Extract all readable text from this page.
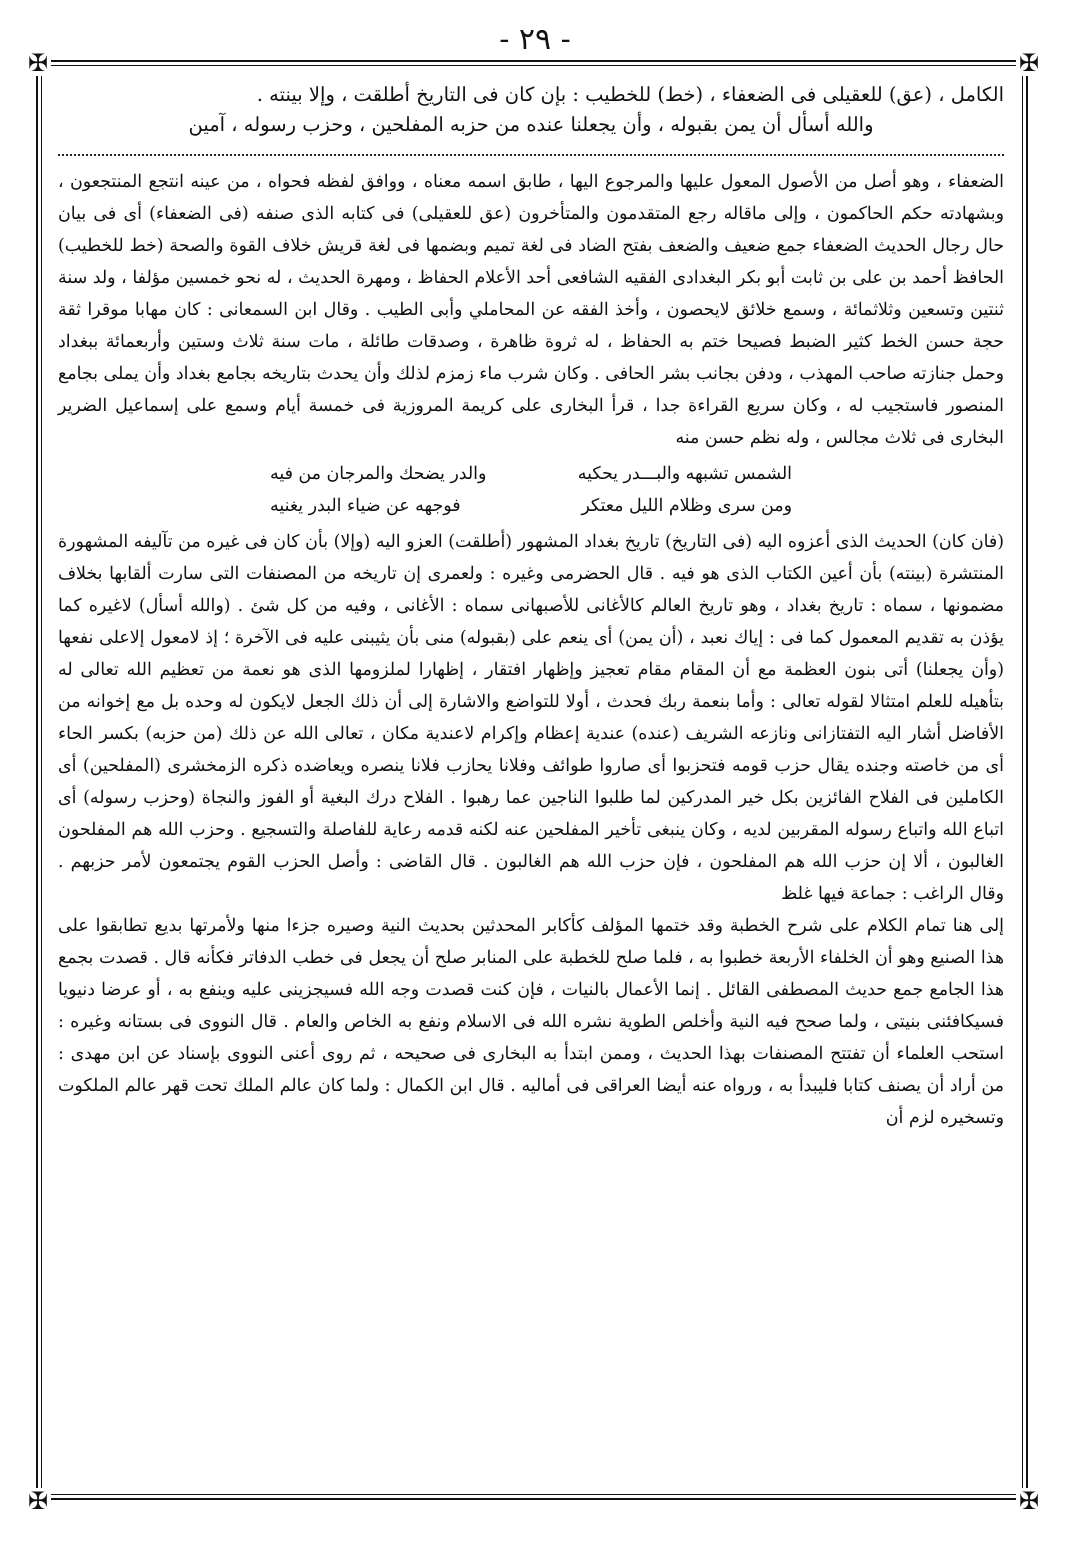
- ٢٩ -
✠	✠
✠	✠

الكامل ، (عق) للعقيلى فى الضعفاء ، (خط) للخطيب : بإن كان فى التاريخ أطلقت ، وإلا بينته .

والله أسأل أن يمن بقبوله ، وأن يجعلنا عنده من حزبه المفلحين ، وحزب رسوله ، آمين

الضعفاء ، وهو أصل من الأصول المعول عليها والمرجوع اليها ، طابق اسمه معناه ، ووافق لفظه فحواه ، من عينه انتجع المنتجعون ، وبشهادته حكم الحاكمون ، وإلى ماقاله رجع المتقدمون والمتأخرون (عق للعقيلى) فى كتابه الذى صنفه (فى الضعفاء) أى فى بيان حال رجال الحديث الضعفاء جمع ضعيف والضعف بفتح الضاد فى لغة تميم وبضمها فى لغة قريش خلاف القوة والصحة (خط للخطيب) الحافظ أحمد بن على بن ثابت أبو بكر البغدادى الفقيه الشافعى أحد الأعلام الحفاظ ، ومهرة الحديث ، له نحو خمسين مؤلفا ، ولد سنة ثنتين وتسعين وثلاثمائة ، وسمع خلائق لايحصون ، وأخذ الفقه عن المحاملي وأبى الطيب . وقال ابن السمعانى : كان مهابا موقرا ثقة حجة حسن الخط كثير الضبط فصيحا ختم به الحفاظ ، له ثروة ظاهرة ، وصدقات طائلة ، مات سنة ثلاث وستين وأربعمائة ببغداد وحمل جنازته صاحب المهذب ، ودفن بجانب بشر الحافى . وكان شرب ماء زمزم لذلك وأن يحدث بتاريخه بجامع بغداد وأن يملى بجامع المنصور فاستجيب له ، وكان سريع القراءة جدا ، قرأ البخارى على كريمة المروزية فى خمسة أيام وسمع على إسماعيل الضرير البخارى فى ثلاث مجالس ، وله نظم حسن منه

الشمس تشبهه والبـــدر يحكيه
والدر يضحك والمرجان من فيه
ومن سرى وظلام الليل معتكر
فوجهه عن ضياء البدر يغنيه

(فان كان) الحديث الذى أعزوه اليه (فى التاريخ) تاريخ بغداد المشهور (أطلقت) العزو اليه (وإلا) بأن كان فى غيره من تآليفه المشهورة المنتشرة (بينته) بأن أعين الكتاب الذى هو فيه . قال الحضرمى وغيره : ولعمرى إن تاريخه من المصنفات التى سارت ألقابها بخلاف مضمونها ، سماه : تاريخ بغداد ، وهو تاريخ العالم كالأغانى للأصبهانى سماه : الأغانى ، وفيه من كل شئ . (والله أسأل) لاغيره كما يؤذن به تقديم المعمول كما فى : إياك نعبد ، (أن يمن) أى ينعم على (بقبوله) منى بأن يثيبنى عليه فى الآخرة ؛ إذ لامعول إلاعلى نفعها (وأن يجعلنا) أتى بنون العظمة مع أن المقام مقام تعجيز وإظهار افتقار ، إظهارا لملزومها الذى هو نعمة من تعظيم الله تعالى له بتأهيله للعلم امتثالا لقوله تعالى : وأما بنعمة ربك فحدث ، أولا للتواضع والاشارة إلى أن ذلك الجعل لايكون له وحده بل مع إخوانه من الأفاضل أشار اليه التفتازانى ونازعه الشريف (عنده) عندية إعظام وإكرام لاعندية مكان ، تعالى الله عن ذلك (من حزبه) بكسر الحاء أى من خاصته وجنده يقال حزب قومه فتحزبوا أى صاروا طوائف وفلانا يحازب فلانا ينصره ويعاضده ذكره الزمخشرى (المفلحين) أى الكاملين فى الفلاح الفائزين بكل خير المدركين لما طلبوا الناجين عما رهبوا . الفلاح درك البغية أو الفوز والنجاة (وحزب رسوله) أى اتباع الله واتباع رسوله المقربين لديه ، وكان ينبغى تأخير المفلحين عنه لكنه قدمه رعاية للفاصلة والتسجيع . وحزب الله هم المفلحون الغالبون ، ألا إن حزب الله هم المفلحون ، فإن حزب الله هم الغالبون . قال القاضى : وأصل الحزب القوم يجتمعون لأمر حزبهم . وقال الراغب : جماعة فيها غلظ

إلى هنا تمام الكلام على شرح الخطبة وقد ختمها المؤلف كأكابر المحدثين بحديث النية وصيره جزءا منها ولأمرتها بديع تطابقوا على هذا الصنيع وهو أن الخلفاء الأربعة خطبوا به ، فلما صلح للخطبة على المنابر صلح أن يجعل فى خطب الدفاتر فكأنه قال . قصدت بجمع هذا الجامع جمع حديث المصطفى القائل . إنما الأعمال بالنيات ، فإن كنت قصدت وجه الله فسيجزينى عليه وينفع به ، أو عرضا دنيويا فسيكافئنى بنيتى ، ولما صحح فيه النية وأخلص الطوية نشره الله فى الاسلام ونفع به الخاص والعام . قال النووى فى بستانه وغيره : استحب العلماء أن تفتتح المصنفات بهذا الحديث ، وممن ابتدأ به البخارى فى صحيحه ، ثم روى أعنى النووى بإسناد عن ابن مهدى : من أراد أن يصنف كتابا فليبدأ به ، ورواه عنه أيضا العراقى فى أماليه . قال ابن الكمال : ولما كان عالم الملك تحت قهر عالم الملكوت وتسخيره لزم أن
